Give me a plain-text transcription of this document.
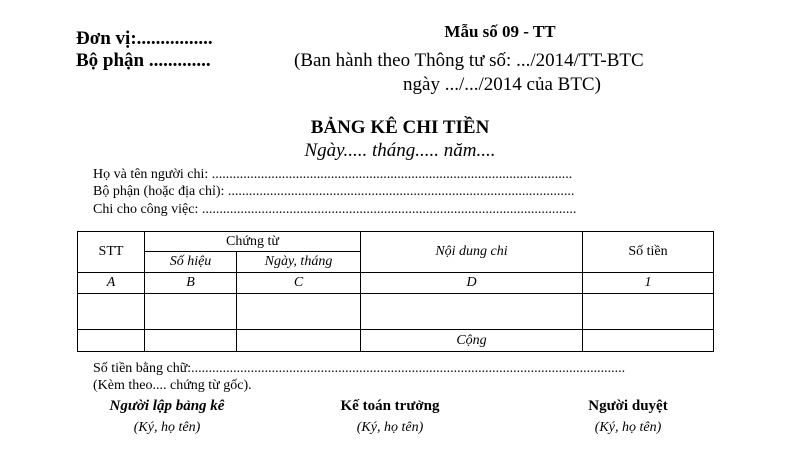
Đơn vị:................
Bộ phận .............
Mẫu số 09 - TT
(Ban hành theo Thông tư số: .../2014/TT-BTC
ngày .../.../2014 của BTC)
BẢNG KÊ CHI TIỀN
Ngày..... tháng..... năm....
Họ và tên người chi: .......................................................................................................
Bộ phận (hoặc địa chỉ): ...................................................................................................
Chi cho công việc: ...........................................................................................................
STT	Chứng từ		Nội dung chi	Số tiền
	Số hiệu	Ngày, tháng		
A	B	C	D	1

			Cộng	
Số tiền bằng chữ:............................................................................................................................
(Kèm theo.... chứng từ gốc).
Người lập bảng kê	Kế toán trưởng	Người duyệt
(Ký, họ tên)	(Ký, họ tên)	(Ký, họ tên)
